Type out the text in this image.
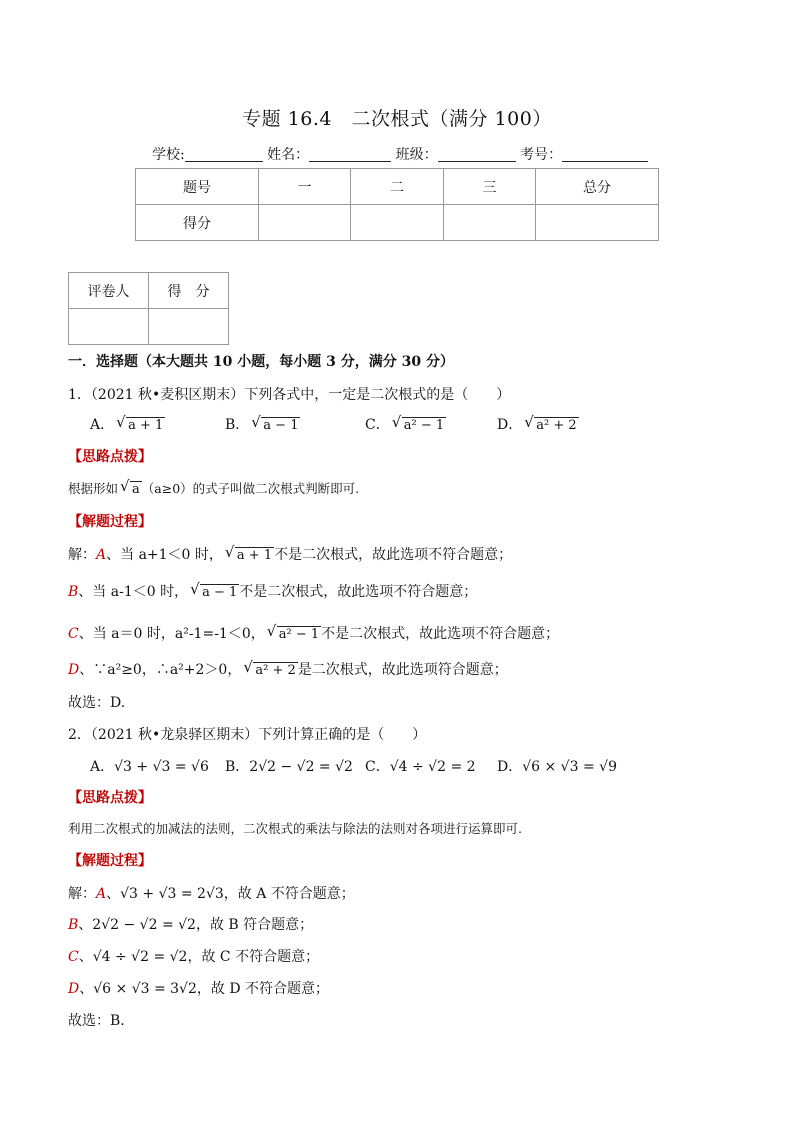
专题 16.4　二次根式（满分 100）
学校:	姓名：	班级：	考号：
题号	一	二	三	总分
得分				
评卷人	得　分

一．选择题（本大题共 10 小题，每小题 3 分，满分 30 分）
1．（2021 秋•麦积区期末）下列各式中，一定是二次根式的是（　　）
A． √ a + 1	B． √ a − 1	C． √ a² − 1	D． √ a² + 2
【思路点拨】
根据形如 √ a （a≥0）的式子叫做二次根式判断即可.
【解题过程】
解：A、当 a+1＜0 时， √ a + 1 不是二次根式，故此选项不符合题意；
B、当 a-1＜0 时， √ a − 1 不是二次根式，故此选项不符合题意；
C、当 a＝0 时，a²-1=-1＜0， √ a² − 1 不是二次根式，故此选项不符合题意；
D、∵a²≥0，∴a²+2＞0， √ a² + 2 是二次根式，故此选项符合题意；
故选：D.
2．（2021 秋•龙泉驿区期末）下列计算正确的是（　　）
A．√3 + √3 = √6 B．2√2 − √2 = √2 C．√4 ÷ √2 = 2 D．√6 × √3 = √9
【思路点拨】
利用二次根式的加减法的法则，二次根式的乘法与除法的法则对各项进行运算即可.
【解题过程】
解：A、√3 + √3 = 2√3，故 A 不符合题意；
B、2√2 − √2 = √2，故 B 符合题意；
C、√4 ÷ √2 = √2，故 C 不符合题意；
D、√6 × √3 = 3√2，故 D 不符合题意；
故选：B.
